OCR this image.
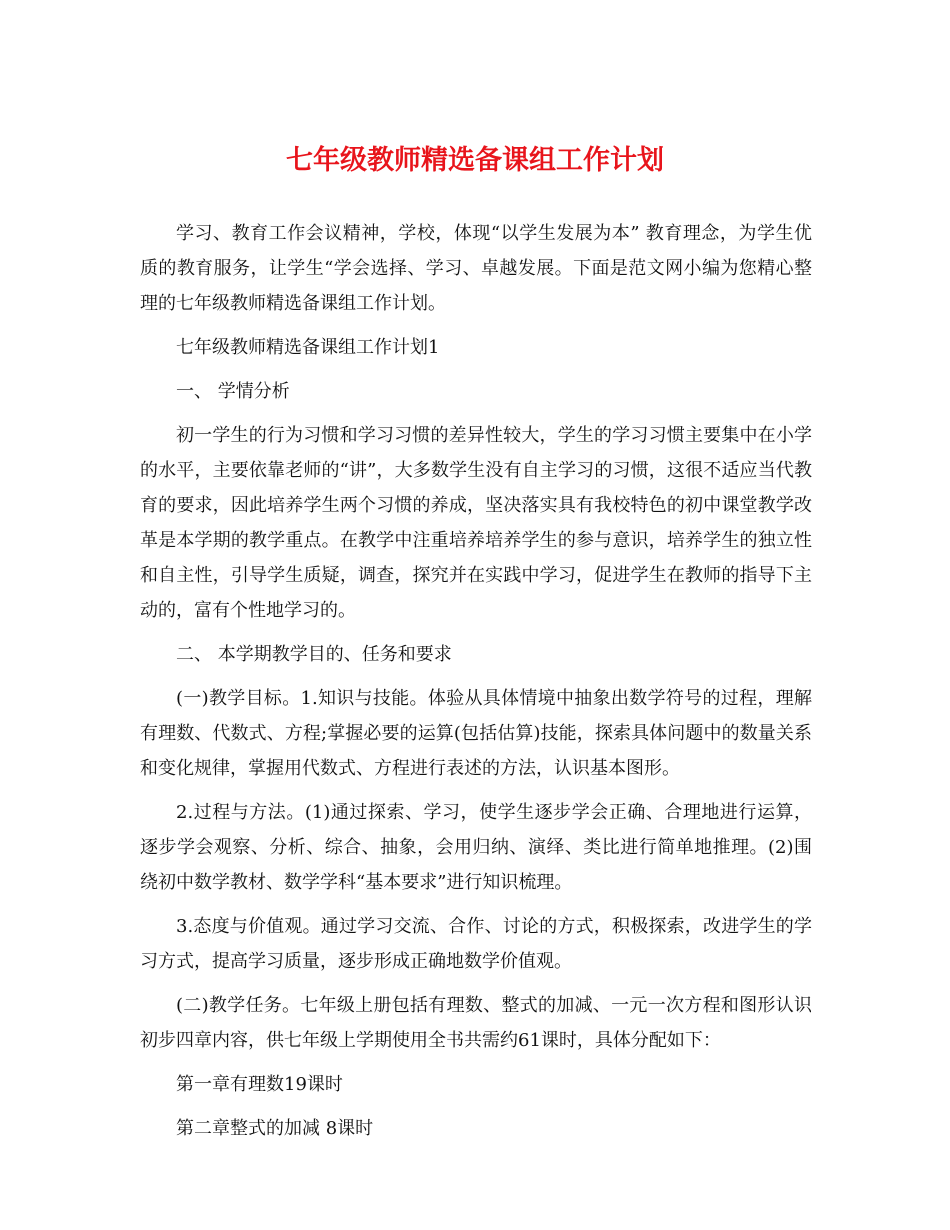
七年级教师精选备课组工作计划

学习、教育工作会议精神，学校，体现“以学生发展为本” 教育理念，为学生优质的教育服务，让学生“学会选择、学习、卓越发展。下面是范文网小编为您精心整理的七年级教师精选备课组工作计划。

七年级教师精选备课组工作计划1

一、 学情分析

初一学生的行为习惯和学习习惯的差异性较大，学生的学习习惯主要集中在小学的水平，主要依靠老师的“讲”，大多数学生没有自主学习的习惯，这很不适应当代教育的要求，因此培养学生两个习惯的养成，坚决落实具有我校特色的初中课堂教学改革是本学期的教学重点。在教学中注重培养培养学生的参与意识，培养学生的独立性和自主性，引导学生质疑，调查，探究并在实践中学习，促进学生在教师的指导下主动的，富有个性地学习的。

二、 本学期教学目的、任务和要求

(一)教学目标。1.知识与技能。体验从具体情境中抽象出数学符号的过程，理解有理数、代数式、方程;掌握必要的运算(包括估算)技能，探索具体问题中的数量关系和变化规律，掌握用代数式、方程进行表述的方法，认识基本图形。

2.过程与方法。(1)通过探索、学习，使学生逐步学会正确、合理地进行运算，逐步学会观察、分析、综合、抽象，会用归纳、演绎、类比进行简单地推理。(2)围绕初中数学教材、数学学科“基本要求”进行知识梳理。

3.态度与价值观。通过学习交流、合作、讨论的方式，积极探索，改进学生的学习方式，提高学习质量，逐步形成正确地数学价值观。

(二)教学任务。七年级上册包括有理数、整式的加减、一元一次方程和图形认识初步四章内容，供七年级上学期使用全书共需约61课时，具体分配如下：

第一章有理数19课时

第二章整式的加减 8课时
